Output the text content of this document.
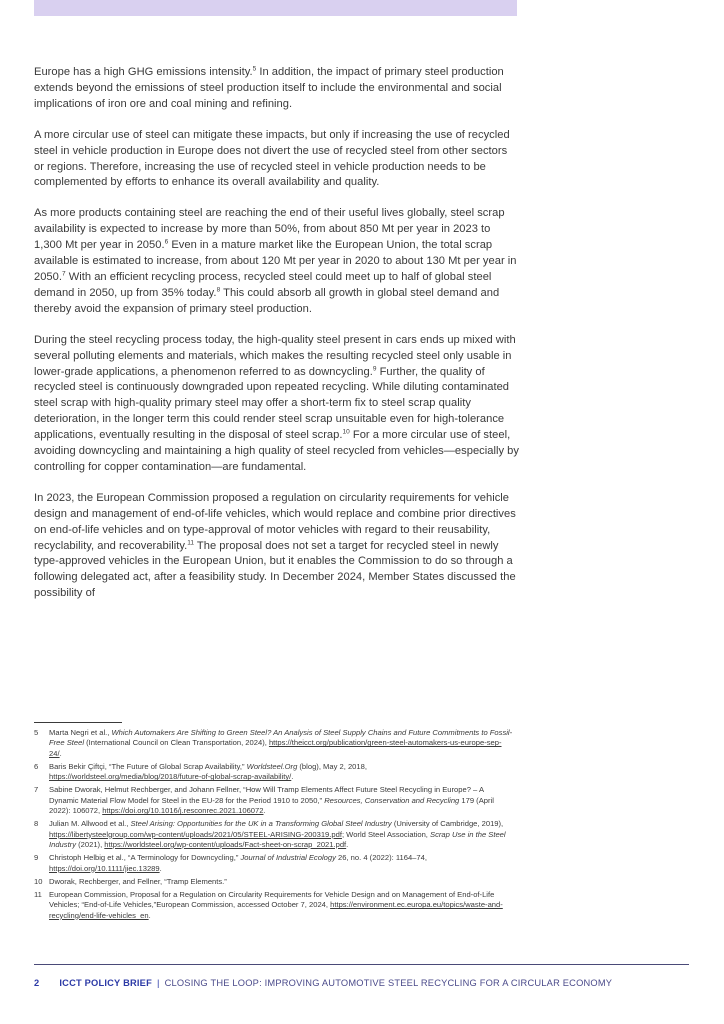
Europe has a high GHG emissions intensity.$^5$ In addition, the impact of primary steel production extends beyond the emissions of steel production itself to include the environmental and social implications of iron ore and coal mining and refining.

A more circular use of steel can mitigate these impacts, but only if increasing the use of recycled steel in vehicle production in Europe does not divert the use of recycled steel from other sectors or regions. Therefore, increasing the use of recycled steel in vehicle production needs to be complemented by efforts to enhance its overall availability and quality.

As more products containing steel are reaching the end of their useful lives globally, steel scrap availability is expected to increase by more than 50%, from about 850 Mt per year in 2023 to 1,300 Mt per year in 2050.$^6$ Even in a mature market like the European Union, the total scrap available is estimated to increase, from about 120 Mt per year in 2020 to about 130 Mt per year in 2050.$^7$ With an efficient recycling process, recycled steel could meet up to half of global steel demand in 2050, up from 35% today.$^8$ This could absorb all growth in global steel demand and thereby avoid the expansion of primary steel production.

During the steel recycling process today, the high-quality steel present in cars ends up mixed with several polluting elements and materials, which makes the resulting recycled steel only usable in lower-grade applications, a phenomenon referred to as downcycling.$^9$ Further, the quality of recycled steel is continuously downgraded upon repeated recycling. While diluting contaminated steel scrap with high-quality primary steel may offer a short-term fix to steel scrap quality deterioration, in the longer term this could render steel scrap unsuitable even for high-tolerance applications, eventually resulting in the disposal of steel scrap.$^{10}$ For a more circular use of steel, avoiding downcycling and maintaining a high quality of steel recycled from vehicles—especially by controlling for copper contamination—are fundamental.

In 2023, the European Commission proposed a regulation on circularity requirements for vehicle design and management of end-of-life vehicles, which would replace and combine prior directives on end-of-life vehicles and on type-approval of motor vehicles with regard to their reusability, recyclability, and recoverability.$^{11}$ The proposal does not set a target for recycled steel in newly type-approved vehicles in the European Union, but it enables the Commission to do so through a following delegated act, after a feasibility study. In December 2024, Member States discussed the possibility of

5	Marta Negri et al., Which Automakers Are Shifting to Green Steel? An Analysis of Steel Supply Chains and Future Commitments to Fossil-Free Steel (International Council on Clean Transportation, 2024), https://theicct.org/publication/green-steel-automakers-us-europe-sep-24/.
6	Baris Bekir Çiftçi, “The Future of Global Scrap Availability,” Worldsteel.Org (blog), May 2, 2018, https://worldsteel.org/media/blog/2018/future-of-global-scrap-availability/.
7	Sabine Dworak, Helmut Rechberger, and Johann Fellner, “How Will Tramp Elements Affect Future Steel Recycling in Europe? – A Dynamic Material Flow Model for Steel in the EU-28 for the Period 1910 to 2050,” Resources, Conservation and Recycling 179 (April 2022): 106072, https://doi.org/10.1016/j.resconrec.2021.106072.
8	Julian M. Allwood et al., Steel Arising: Opportunities for the UK in a Transforming Global Steel Industry (University of Cambridge, 2019), https://libertysteelgroup.com/wp-content/uploads/2021/05/STEEL-ARISING-200319.pdf; World Steel Association, Scrap Use in the Steel Industry (2021), https://worldsteel.org/wp-content/uploads/Fact-sheet-on-scrap_2021.pdf.
9	Christoph Helbig et al., “A Terminology for Downcycling,” Journal of Industrial Ecology 26, no. 4 (2022): 1164–74, https://doi.org/10.1111/jiec.13289.
10 Dworak, Rechberger, and Fellner, “Tramp Elements.”
11 European Commission, Proposal for a Regulation on Circularity Requirements for Vehicle Design and on Management of End-of-Life Vehicles; “End-of-Life Vehicles,”European Commission, accessed October 7, 2024, https://environment.ec.europa.eu/topics/waste-and-recycling/end-life-vehicles_en.
2 ICCT POLICY BRIEF | CLOSING THE LOOP: IMPROVING AUTOMOTIVE STEEL RECYCLING FOR A CIRCULAR ECONOMY
